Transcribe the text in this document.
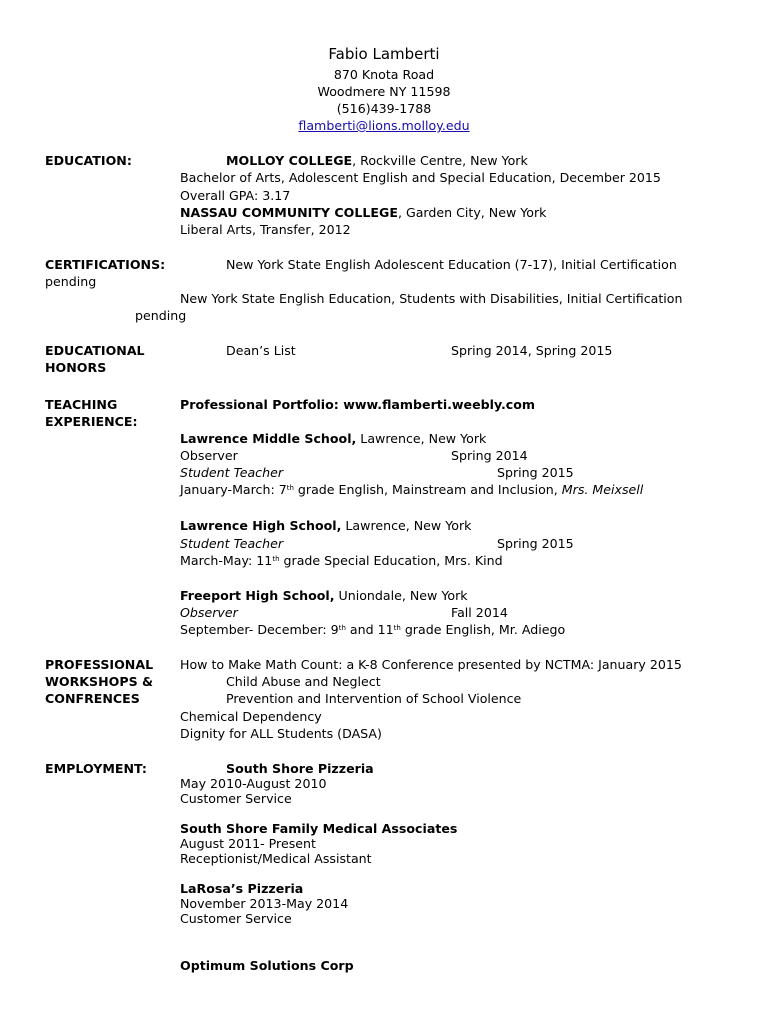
Fabio Lamberti
870 Knota Road
Woodmere NY 11598
(516)439-1788
flamberti@lions.molloy.edu
EDUCATION:	MOLLOY COLLEGE, Rockville Centre, New York
Bachelor of Arts, Adolescent English and Special Education, December 2015
Overall GPA: 3.17
NASSAU COMMUNITY COLLEGE, Garden City, New York
Liberal Arts, Transfer, 2012
CERTIFICATIONS:	New York State English Adolescent Education (7-17), Initial Certification
pending
New York State English Education, Students with Disabilities, Initial Certification
pending
EDUCATIONAL
HONORS
Dean’s List	Spring 2014, Spring 2015
TEACHING
EXPERIENCE:
Professional Portfolio: www.flamberti.weebly.com
Lawrence Middle School, Lawrence, New York
Observer	Spring 2014
Student Teacher	Spring 2015
January-March: 7th grade English, Mainstream and Inclusion, Mrs. Meixsell
Lawrence High School, Lawrence, New York
Student Teacher	Spring 2015
March-May: 11th grade Special Education, Mrs. Kind
Freeport High School, Uniondale, New York
Observer	Fall 2014
September- December: 9th and 11th grade English, Mr. Adiego
PROFESSIONAL
WORKSHOPS &
CONFRENCES
How to Make Math Count: a K-8 Conference presented by NCTMA: January 2015
Child Abuse and Neglect
Prevention and Intervention of School Violence
Chemical Dependency
Dignity for ALL Students (DASA)
EMPLOYMENT:	South Shore Pizzeria
May 2010-August 2010
Customer Service
South Shore Family Medical Associates
August 2011- Present
Receptionist/Medical Assistant
LaRosa’s Pizzeria
November 2013-May 2014
Customer Service
Optimum Solutions Corp
